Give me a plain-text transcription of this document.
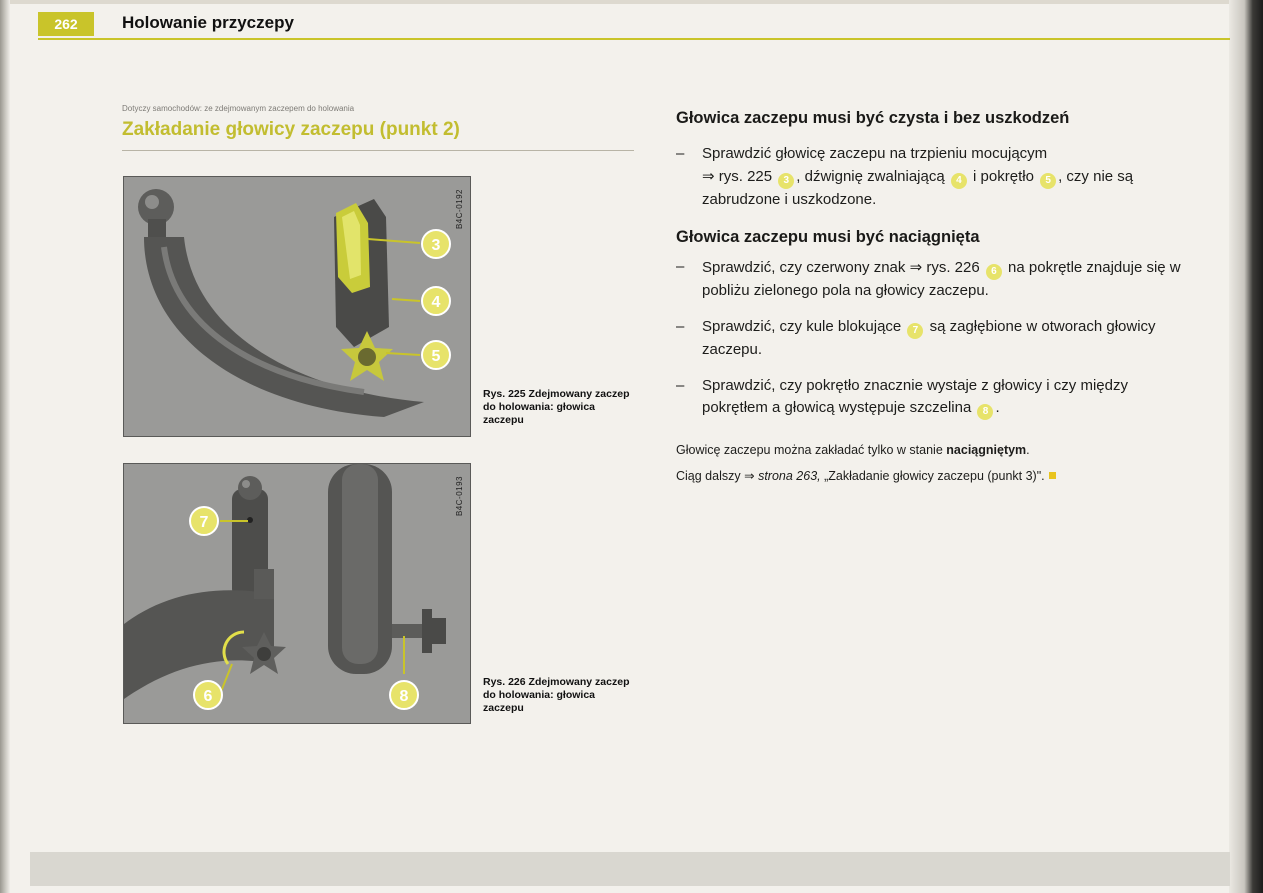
262	Holowanie przyczepy
Dotyczy samochodów: ze zdejmowanym zaczepem do holowania
Zakładanie głowicy zaczepu (punkt 2)
3
4
5
B4C-0192
Rys. 225 Zdejmowany zaczep do holowania: głowica zaczepu
7
6	8
B4C-0193
Rys. 226 Zdejmowany zaczep do holowania: głowica zaczepu
Głowica zaczepu musi być czysta i bez uszkodzeń

– Sprawdzić głowicę zaczepu na trzpieniu mocującym
⇒ rys. 225 3 , dźwignię zwalniającą 4 i pokrętło 5 , czy nie są zabrudzone i uszkodzone.

Głowica zaczepu musi być naciągnięta

– Sprawdzić, czy czerwony znak ⇒ rys. 226 6 na pokrętle znajduje się w pobliżu zielonego pola na głowicy zaczepu.

– Sprawdzić, czy kule blokujące 7 są zagłębione w otworach głowicy zaczepu.

– Sprawdzić, czy pokrętło znacznie wystaje z głowicy i czy między pokrętłem a głowicą występuje szczelina 8 .

Głowicę zaczepu można zakładać tylko w stanie naciągniętym.

Ciąg dalszy ⇒ strona 263, „Zakładanie głowicy zaczepu (punkt 3)".
